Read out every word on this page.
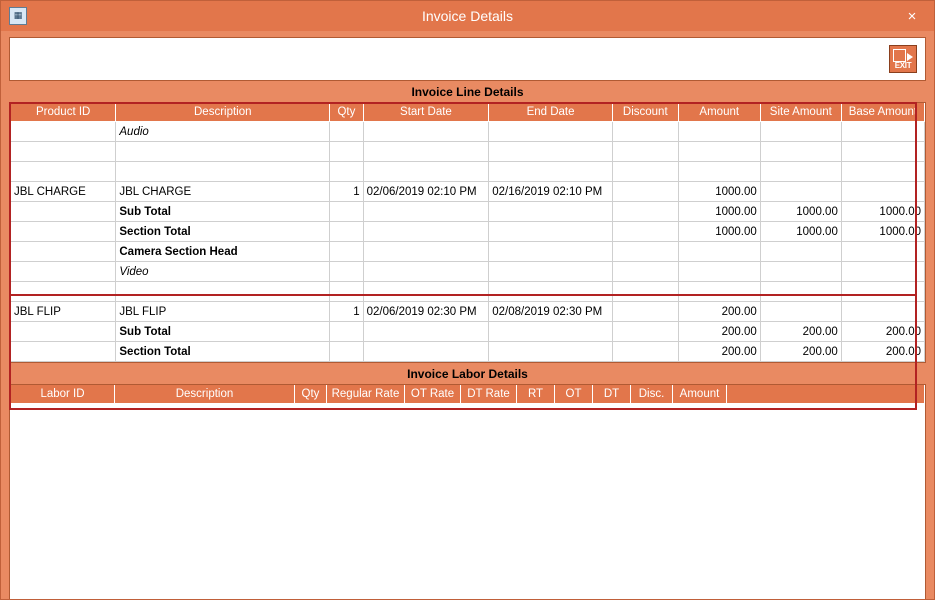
▦	Invoice Details	×
EXIT
Invoice Line Details
Product ID	Description	Qty	Start Date	End Date	Discount	Amount	Site Amount	Base Amount
	Audio							

JBL CHARGE	JBL CHARGE	1	02/06/2019 02:10 PM	02/16/2019 02:10 PM		1000.00		
	Sub Total					1000.00	1000.00	1000.00
	Section Total					1000.00	1000.00	1000.00
	Camera Section Head							
	Video							

JBL FLIP	JBL FLIP	1	02/06/2019 02:30 PM	02/08/2019 02:30 PM		200.00		
	Sub Total					200.00	200.00	200.00
	Section Total					200.00	200.00	200.00
Invoice Labor Details
Labor ID	Description	Qty	Regular Rate	OT Rate	DT Rate	RT	OT	DT	Disc.	Amount	
